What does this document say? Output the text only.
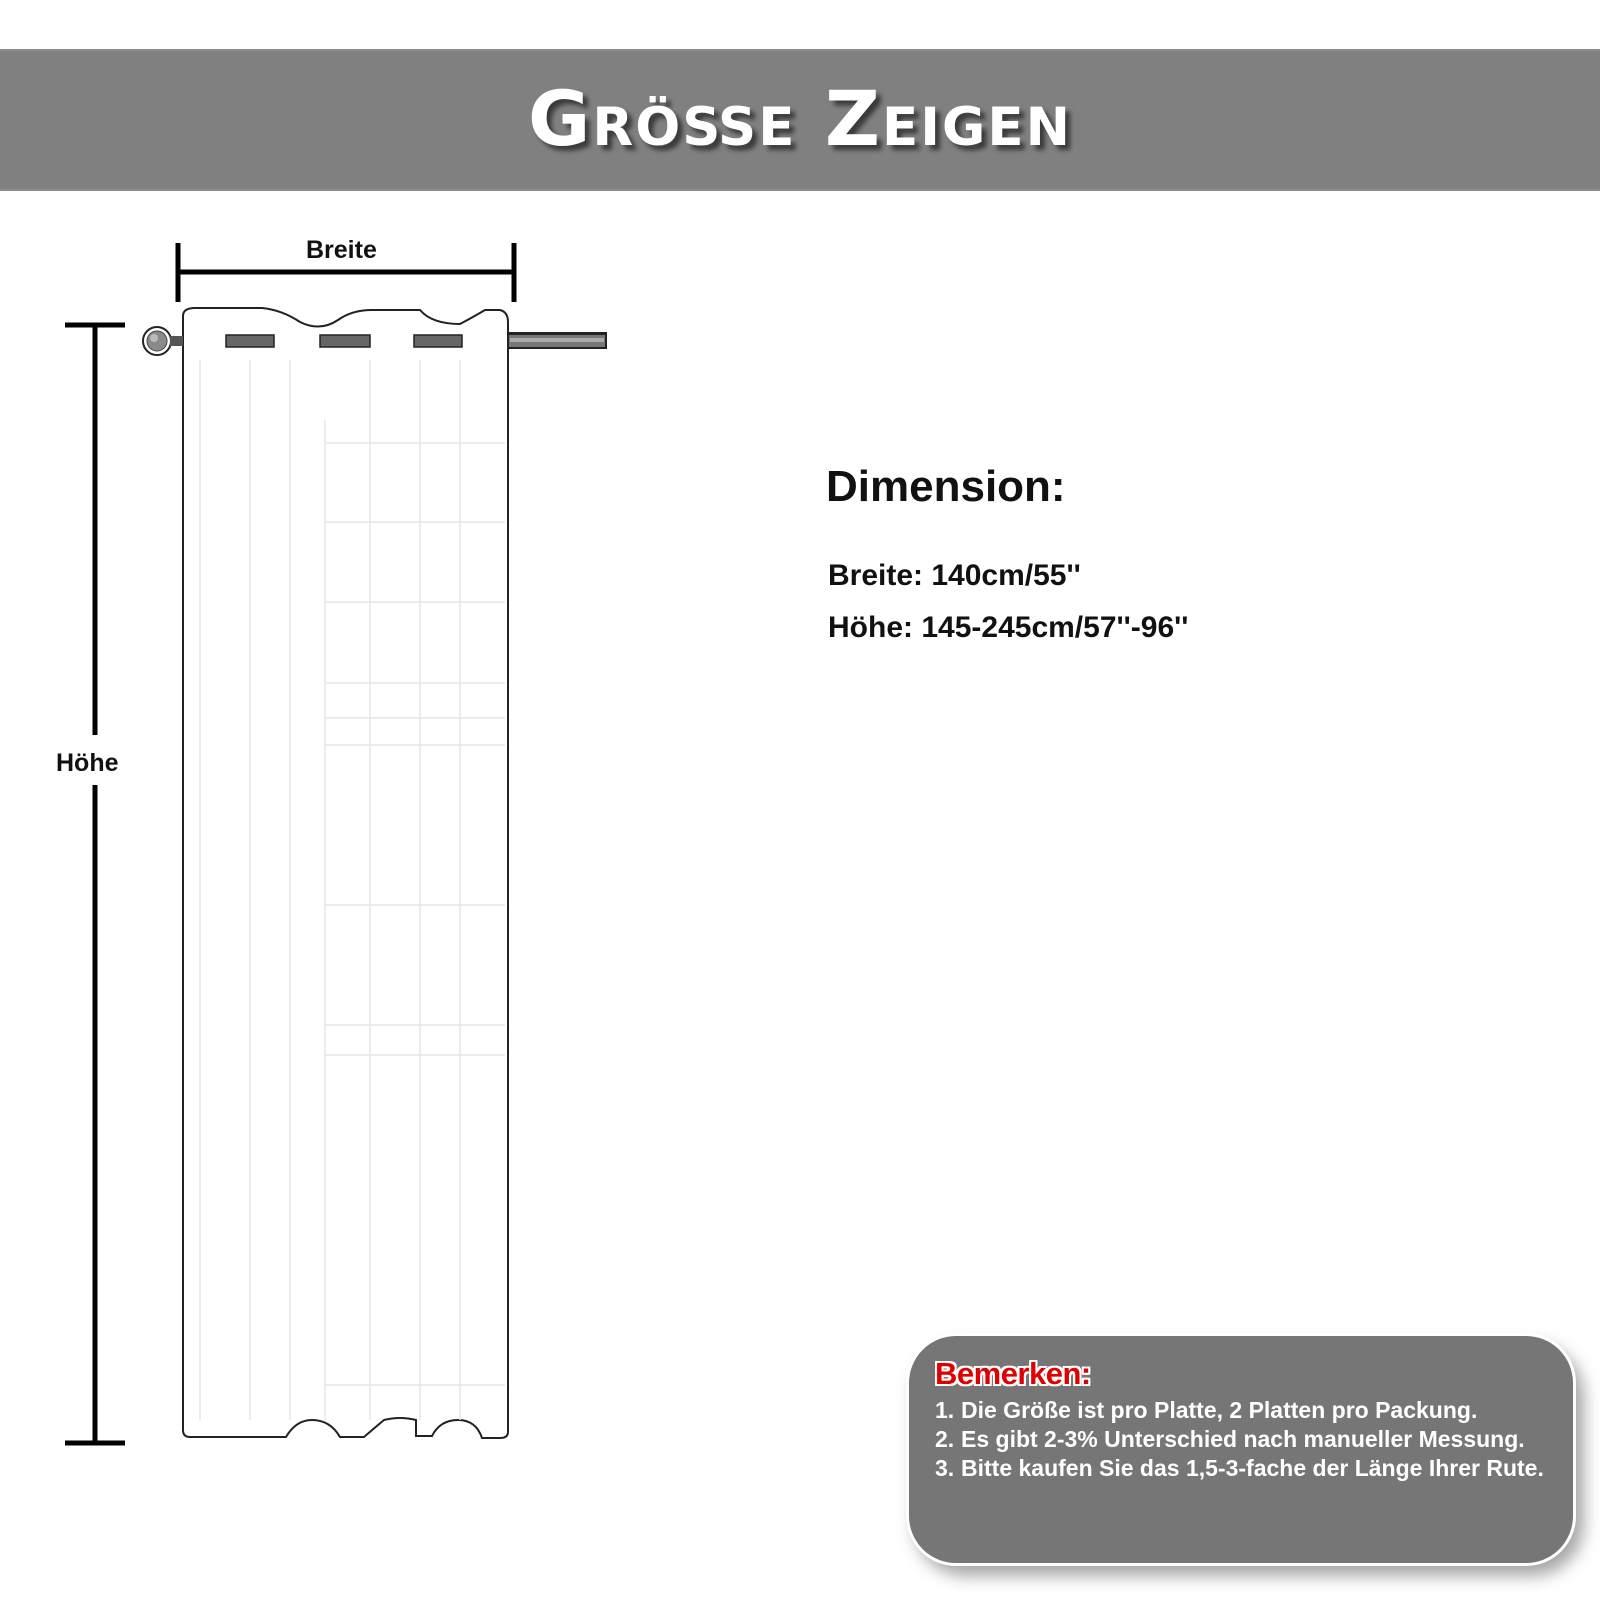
Größe Zeigen
Breite
Höhe
Dimension:
Breite: 140cm/55''
Höhe: 145-245cm/57''-96''
Bemerken:
1. Die Größe ist pro Platte, 2 Platten pro Packung.
2. Es gibt 2-3% Unterschied nach manueller Messung.
3. Bitte kaufen Sie das 1,5-3-fache der Länge Ihrer Rute.
